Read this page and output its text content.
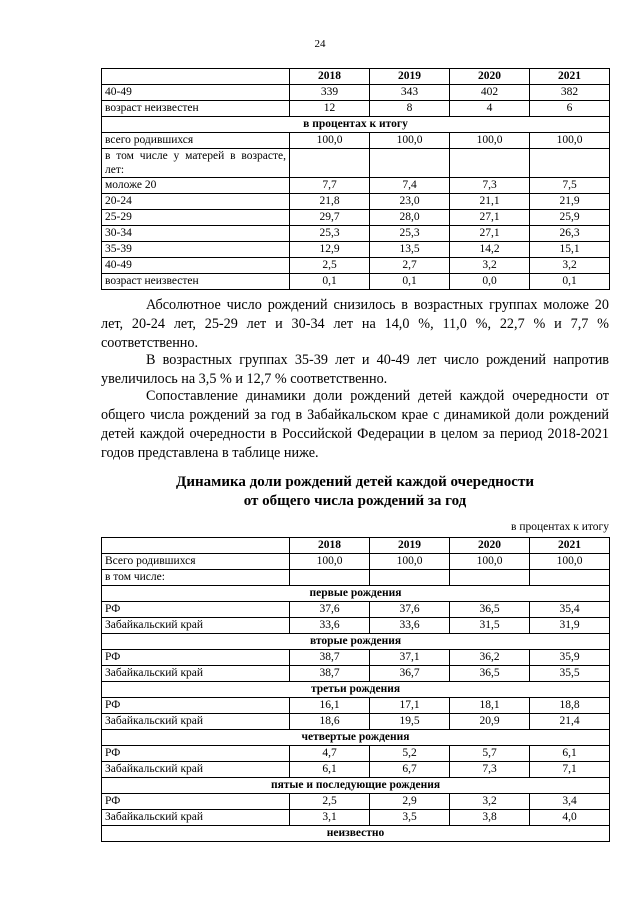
24
	2018	2019	2020	2021
40-49	339	343	402	382
возраст неизвестен	12	8	4	6
в процентах к итогу				
всего родившихся	100,0	100,0	100,0	100,0
в том числе у матерей в возрасте, лет:				
моложе 20	7,7	7,4	7,3	7,5
20-24	21,8	23,0	21,1	21,9
25-29	29,7	28,0	27,1	25,9
30-34	25,3	25,3	27,1	26,3
35-39	12,9	13,5	14,2	15,1
40-49	2,5	2,7	3,2	3,2
возраст неизвестен	0,1	0,1	0,0	0,1

Абсолютное число рождений снизилось в возрастных группах моложе 20 лет, 20-24 лет, 25-29 лет и 30-34 лет на 14,0 %, 11,0 %, 22,7 % и 7,7 % соответственно.

В возрастных группах 35-39 лет и 40-49 лет число рождений напротив увеличилось на 3,5 % и 12,7 % соответственно.

Сопоставление динамики доли рождений детей каждой очередности от общего числа рождений за год в Забайкальском крае с динамикой доли рождений детей каждой очередности в Российской Федерации в целом за период 2018-2021 годов представлена в таблице ниже.

Динамика доли рождений детей каждой очередности
от общего числа рождений за год
в процентах к итогу
	2018	2019	2020	2021
Всего родившихся	100,0	100,0	100,0	100,0
в том числе:				
первые рождения				
РФ	37,6	37,6	36,5	35,4
Забайкальский край	33,6	33,6	31,5	31,9
вторые рождения				
РФ	38,7	37,1	36,2	35,9
Забайкальский край	38,7	36,7	36,5	35,5
третьи рождения				
РФ	16,1	17,1	18,1	18,8
Забайкальский край	18,6	19,5	20,9	21,4
четвертые рождения				
РФ	4,7	5,2	5,7	6,1
Забайкальский край	6,1	6,7	7,3	7,1
пятые и последующие рождения				
РФ	2,5	2,9	3,2	3,4
Забайкальский край	3,1	3,5	3,8	4,0
неизвестно				
